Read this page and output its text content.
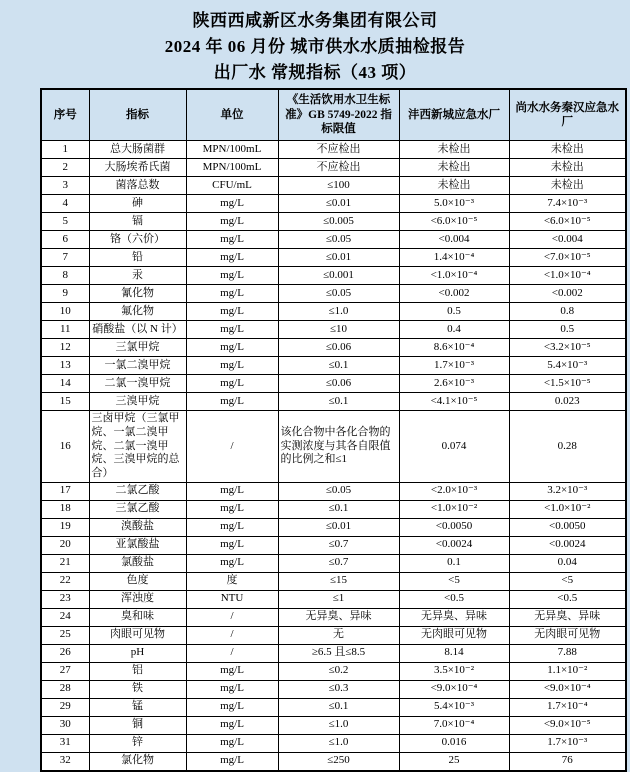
陕西西咸新区水务集团有限公司
2024 年 06 月份 城市供水水质抽检报告
出厂水 常规指标（43 项）
序号	指标	单位	《生活饮用水卫生标准》GB 5749-2022 指标限值	沣西新城应急水厂	尚水水务秦汉应急水厂
1	总大肠菌群	MPN/100mL	不应检出	未检出	未检出
2	大肠埃希氏菌	MPN/100mL	不应检出	未检出	未检出
3	菌落总数	CFU/mL	≤100	未检出	未检出
4	砷	mg/L	≤0.01	5.0×10⁻³	7.4×10⁻³
5	镉	mg/L	≤0.005	<6.0×10⁻⁵	<6.0×10⁻⁵
6	铬（六价）	mg/L	≤0.05	<0.004	<0.004
7	铅	mg/L	≤0.01	1.4×10⁻⁴	<7.0×10⁻⁵
8	汞	mg/L	≤0.001	<1.0×10⁻⁴	<1.0×10⁻⁴
9	氰化物	mg/L	≤0.05	<0.002	<0.002
10	氟化物	mg/L	≤1.0	0.5	0.8
11	硝酸盐（以 N 计）	mg/L	≤10	0.4	0.5
12	三氯甲烷	mg/L	≤0.06	8.6×10⁻⁴	<3.2×10⁻⁵
13	一氯二溴甲烷	mg/L	≤0.1	1.7×10⁻³	5.4×10⁻³
14	二氯一溴甲烷	mg/L	≤0.06	2.6×10⁻³	<1.5×10⁻⁵
15	三溴甲烷	mg/L	≤0.1	<4.1×10⁻⁵	0.023
16	三卤甲烷（三氯甲烷、一氯二溴甲烷、二氯一溴甲烷、三溴甲烷的总合）	/	该化合物中各化合物的实测浓度与其各自限值的比例之和≤1	0.074	0.28
17	二氯乙酸	mg/L	≤0.05	<2.0×10⁻³	3.2×10⁻³
18	三氯乙酸	mg/L	≤0.1	<1.0×10⁻²	<1.0×10⁻²
19	溴酸盐	mg/L	≤0.01	<0.0050	<0.0050
20	亚氯酸盐	mg/L	≤0.7	<0.0024	<0.0024
21	氯酸盐	mg/L	≤0.7	0.1	0.04
22	色度	度	≤15	<5	<5
23	浑浊度	NTU	≤1	<0.5	<0.5
24	臭和味	/	无异臭、异味	无异臭、异味	无异臭、异味
25	肉眼可见物	/	无	无肉眼可见物	无肉眼可见物
26	pH	/	≥6.5 且≤8.5	8.14	7.88
27	铝	mg/L	≤0.2	3.5×10⁻²	1.1×10⁻²
28	铁	mg/L	≤0.3	<9.0×10⁻⁴	<9.0×10⁻⁴
29	锰	mg/L	≤0.1	5.4×10⁻³	1.7×10⁻⁴
30	铜	mg/L	≤1.0	7.0×10⁻⁴	<9.0×10⁻⁵
31	锌	mg/L	≤1.0	0.016	1.7×10⁻³
32	氯化物	mg/L	≤250	25	76
